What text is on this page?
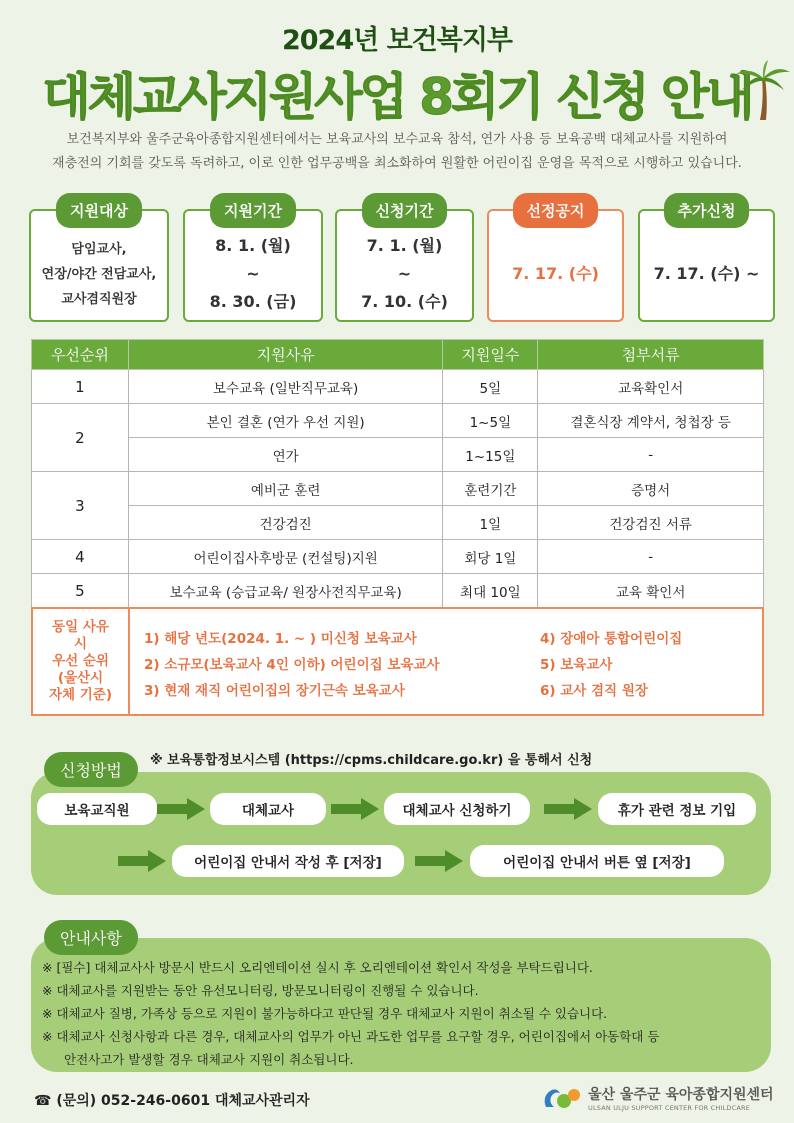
2024년 보건복지부
대체교사지원사업 8회기 신청 안내
보건복지부와 울주군육아종합지원센터에서는 보육교사의 보수교육 참석, 연가 사용 등 보육공백 대체교사를 지원하여
재충전의 기회를 갖도록 독려하고, 이로 인한 업무공백을 최소화하여 원활한 어린이집 운영을 목적으로 시행하고 있습니다.
지원대상
담임교사,
연장/야간 전담교사,
교사겸직원장
지원기간
8. 1. (월)
~
8. 30. (금)
신청기간
7. 1. (월)
~
7. 10. (수)
선정공지
7. 17. (수)
추가신청
7. 17. (수) ~
우선순위	지원사유	지원일수	첨부서류
1	보수교육 (일반직무교육)	5일	교육확인서
2	본인 결혼 (연가 우선 지원)	1~5일	결혼식장 계약서, 청첩장 등
	연가	1~15일	-
3	예비군 훈련	훈련기간	증명서
	건강검진	1일	건강검진 서류
4	어린이집사후방문 (컨설팅)지원	회당 1일	-
5	보수교육 (승급교육/ 원장사전직무교육)	최대 10일	교육 확인서
동일 사유
시
우선 순위
(울산시
자체 기준)
1) 해당 년도(2024. 1. ~ ) 미신청 보육교사
2) 소규모(보육교사 4인 이하) 어린이집 보육교사
3) 현재 재직 어린이집의 장기근속 보육교사
4) 장애아 통합어린이집
5) 보육교사
6) 교사 겸직 원장
신청방법
※ 보육통합정보시스템 (https://cpms.childcare.go.kr) 을 통해서 신청
보육교직원	대체교사	대체교사 신청하기	휴가 관련 정보 기입
어린이집 안내서 작성 후 [저장]	어린이집 안내서 버튼 옆 [저장]
안내사항
※ [필수] 대체교사사 방문시 반드시 오리엔테이션 실시 후 오리엔테이션 확인서 작성을 부탁드립니다.
※ 대체교사를 지원받는 동안 유선모니터링, 방문모니터링이 진행될 수 있습니다.
※ 대체교사 질병, 가족상 등으로 지원이 불가능하다고 판단될 경우 대체교사 지원이 취소될 수 있습니다.
※ 대체교사 신청사항과 다른 경우, 대체교사의 업무가 아닌 과도한 업무를 요구할 경우, 어린이집에서 아동학대 등
안전사고가 발생할 경우 대체교사 지원이 취소됩니다.
☎ (문의) 052-246-0601 대체교사관리자	울산 울주군 육아종합지원센터
ULSAN ULJU SUPPORT CENTER FOR CHILDCARE
